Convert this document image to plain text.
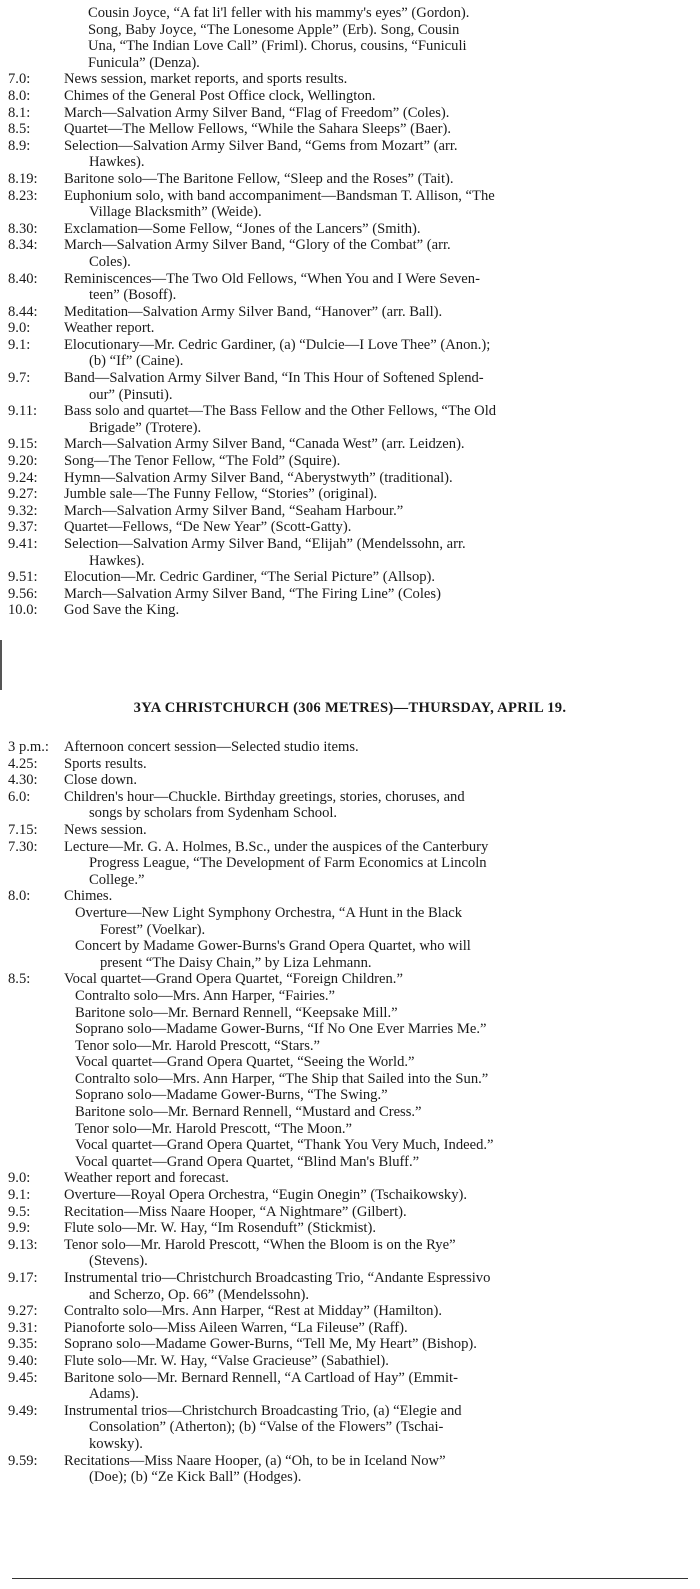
Cousin Joyce, “A fat li'l feller with his mammy's eyes” (Gordon).
Song, Baby Joyce, “The Lonesome Apple” (Erb). Song, Cousin
Una, “The Indian Love Call” (Friml). Chorus, cousins, “Funiculi
Funicula” (Denza).
7.0:	News session, market reports, and sports results.
8.0:	Chimes of the General Post Office clock, Wellington.
8.1:	March—Salvation Army Silver Band, “Flag of Freedom” (Coles).
8.5:	Quartet—The Mellow Fellows, “While the Sahara Sleeps” (Baer).
8.9:	Selection—Salvation Army Silver Band, “Gems from Mozart” (arr.
Hawkes).
8.19:	Baritone solo—The Baritone Fellow, “Sleep and the Roses” (Tait).
8.23:	Euphonium solo, with band accompaniment—Bandsman T. Allison, “The
Village Blacksmith” (Weide).
8.30:	Exclamation—Some Fellow, “Jones of the Lancers” (Smith).
8.34:	March—Salvation Army Silver Band, “Glory of the Combat” (arr.
Coles).
8.40:	Reminiscences—The Two Old Fellows, “When You and I Were Seven-
teen” (Bosoff).
8.44:	Meditation—Salvation Army Silver Band, “Hanover” (arr. Ball).
9.0:	Weather report.
9.1:	Elocutionary—Mr. Cedric Gardiner, (a) “Dulcie—I Love Thee” (Anon.);
(b) “If” (Caine).
9.7:	Band—Salvation Army Silver Band, “In This Hour of Softened Splend-
our” (Pinsuti).
9.11:	Bass solo and quartet—The Bass Fellow and the Other Fellows, “The Old
Brigade” (Trotere).
9.15:	March—Salvation Army Silver Band, “Canada West” (arr. Leidzen).
9.20:	Song—The Tenor Fellow, “The Fold” (Squire).
9.24:	Hymn—Salvation Army Silver Band, “Aberystwyth” (traditional).
9.27:	Jumble sale—The Funny Fellow, “Stories” (original).
9.32:	March—Salvation Army Silver Band, “Seaham Harbour.”
9.37:	Quartet—Fellows, “De New Year” (Scott-Gatty).
9.41:	Selection—Salvation Army Silver Band, “Elijah” (Mendelssohn, arr.
Hawkes).
9.51:	Elocution—Mr. Cedric Gardiner, “The Serial Picture” (Allsop).
9.56:	March—Salvation Army Silver Band, “The Firing Line” (Coles)
10.0:	God Save the King.
3YA CHRISTCHURCH (306 METRES)—THURSDAY, APRIL 19.
3 p.m.:	Afternoon concert session—Selected studio items.
4.25:	Sports results.
4.30:	Close down.
6.0:	Children's hour—Chuckle. Birthday greetings, stories, choruses, and
songs by scholars from Sydenham School.
7.15:	News session.
7.30:	Lecture—Mr. G. A. Holmes, B.Sc., under the auspices of the Canterbury
Progress League, “The Development of Farm Economics at Lincoln
College.”
8.0:	Chimes.
Overture—New Light Symphony Orchestra, “A Hunt in the Black
Forest” (Voelkar).
Concert by Madame Gower-Burns's Grand Opera Quartet, who will
present “The Daisy Chain,” by Liza Lehmann.
8.5:	Vocal quartet—Grand Opera Quartet, “Foreign Children.”
Contralto solo—Mrs. Ann Harper, “Fairies.”
Baritone solo—Mr. Bernard Rennell, “Keepsake Mill.”
Soprano solo—Madame Gower-Burns, “If No One Ever Marries Me.”
Tenor solo—Mr. Harold Prescott, “Stars.”
Vocal quartet—Grand Opera Quartet, “Seeing the World.”
Contralto solo—Mrs. Ann Harper, “The Ship that Sailed into the Sun.”
Soprano solo—Madame Gower-Burns, “The Swing.”
Baritone solo—Mr. Bernard Rennell, “Mustard and Cress.”
Tenor solo—Mr. Harold Prescott, “The Moon.”
Vocal quartet—Grand Opera Quartet, “Thank You Very Much, Indeed.”
Vocal quartet—Grand Opera Quartet, “Blind Man's Bluff.”
9.0:	Weather report and forecast.
9.1:	Overture—Royal Opera Orchestra, “Eugin Onegin” (Tschaikowsky).
9.5:	Recitation—Miss Naare Hooper, “A Nightmare” (Gilbert).
9.9:	Flute solo—Mr. W. Hay, “Im Rosenduft” (Stickmist).
9.13:	Tenor solo—Mr. Harold Prescott, “When the Bloom is on the Rye”
(Stevens).
9.17:	Instrumental trio—Christchurch Broadcasting Trio, “Andante Espressivo
and Scherzo, Op. 66” (Mendelssohn).
9.27:	Contralto solo—Mrs. Ann Harper, “Rest at Midday” (Hamilton).
9.31:	Pianoforte solo—Miss Aileen Warren, “La Fileuse” (Raff).
9.35:	Soprano solo—Madame Gower-Burns, “Tell Me, My Heart” (Bishop).
9.40:	Flute solo—Mr. W. Hay, “Valse Gracieuse” (Sabathiel).
9.45:	Baritone solo—Mr. Bernard Rennell, “A Cartload of Hay” (Emmit-
Adams).
9.49:	Instrumental trios—Christchurch Broadcasting Trio, (a) “Elegie and
Consolation” (Atherton); (b) “Valse of the Flowers” (Tschai-
kowsky).
9.59:	Recitations—Miss Naare Hooper, (a) “Oh, to be in Iceland Now”
(Doe); (b) “Ze Kick Ball” (Hodges).
